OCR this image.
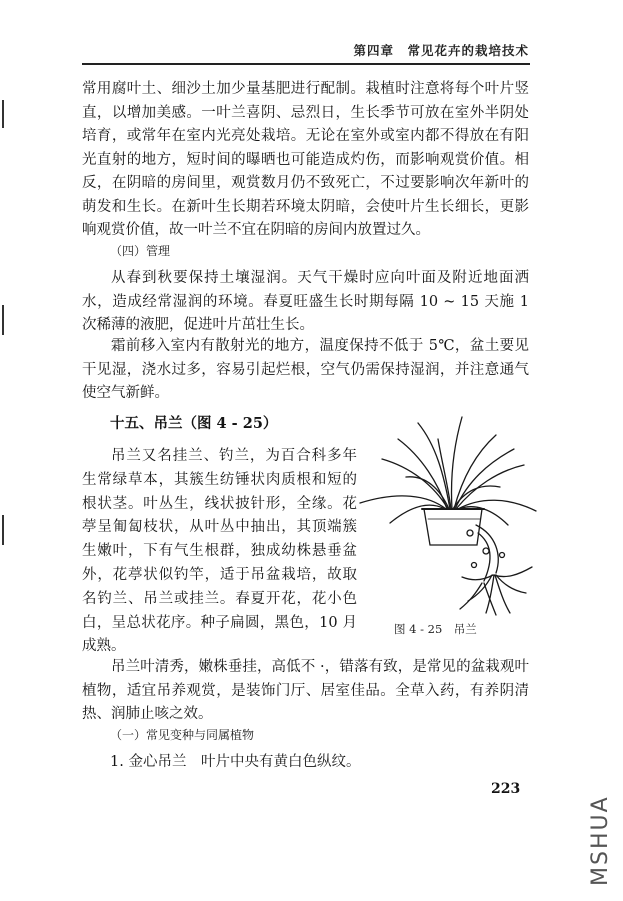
第四章　常见花卉的栽培技术

常用腐叶土、细沙土加少量基肥进行配制。栽植时注意将每个叶片竖直，以增加美感。一叶兰喜阴、忌烈日，生长季节可放在室外半阴处培育，或常年在室内光亮处栽培。无论在室外或室内都不得放在有阳光直射的地方，短时间的曝晒也可能造成灼伤，而影响观赏价值。相反，在阴暗的房间里，观赏数月仍不致死亡，不过要影响次年新叶的萌发和生长。在新叶生长期若环境太阴暗，会使叶片生长细长，更影响观赏价值，故一叶兰不宜在阴暗的房间内放置过久。

（四）管理

从春到秋要保持土壤湿润。天气干燥时应向叶面及附近地面洒水，造成经常湿润的环境。春夏旺盛生长时期每隔 10 ~ 15 天施 1 次稀薄的液肥，促进叶片茁壮生长。

霜前移入室内有散射光的地方，温度保持不低于 5℃，盆土要见干见湿，浇水过多，容易引起烂根，空气仍需保持湿润，并注意通气使空气新鲜。

十五、吊兰（图 4 - 25）

吊兰又名挂兰、钓兰，为百合科多年生常绿草本，其簇生纺锤状肉质根和短的根状茎。叶丛生，线状披针形，全缘。花葶呈匍匐枝状，从叶丛中抽出，其顶端簇生嫩叶，下有气生根群，独成幼株悬垂盆外，花葶状似钓竿，适于吊盆栽培，故取名钓兰、吊兰或挂兰。春夏开花，花小色白，呈总状花序。种子扁圆，黑色，10 月成熟。

图 4 - 25　吊兰

吊兰叶清秀，嫩株垂挂，高低不 ·，错落有致，是常见的盆栽观叶植物，适宜吊养观赏，是装饰门厅、居室佳品。全草入药，有养阴清热、润肺止咳之效。

（一）常见变种与同属植物
1. 金心吊兰　叶片中央有黄白色纵纹。
223
MSHUA
